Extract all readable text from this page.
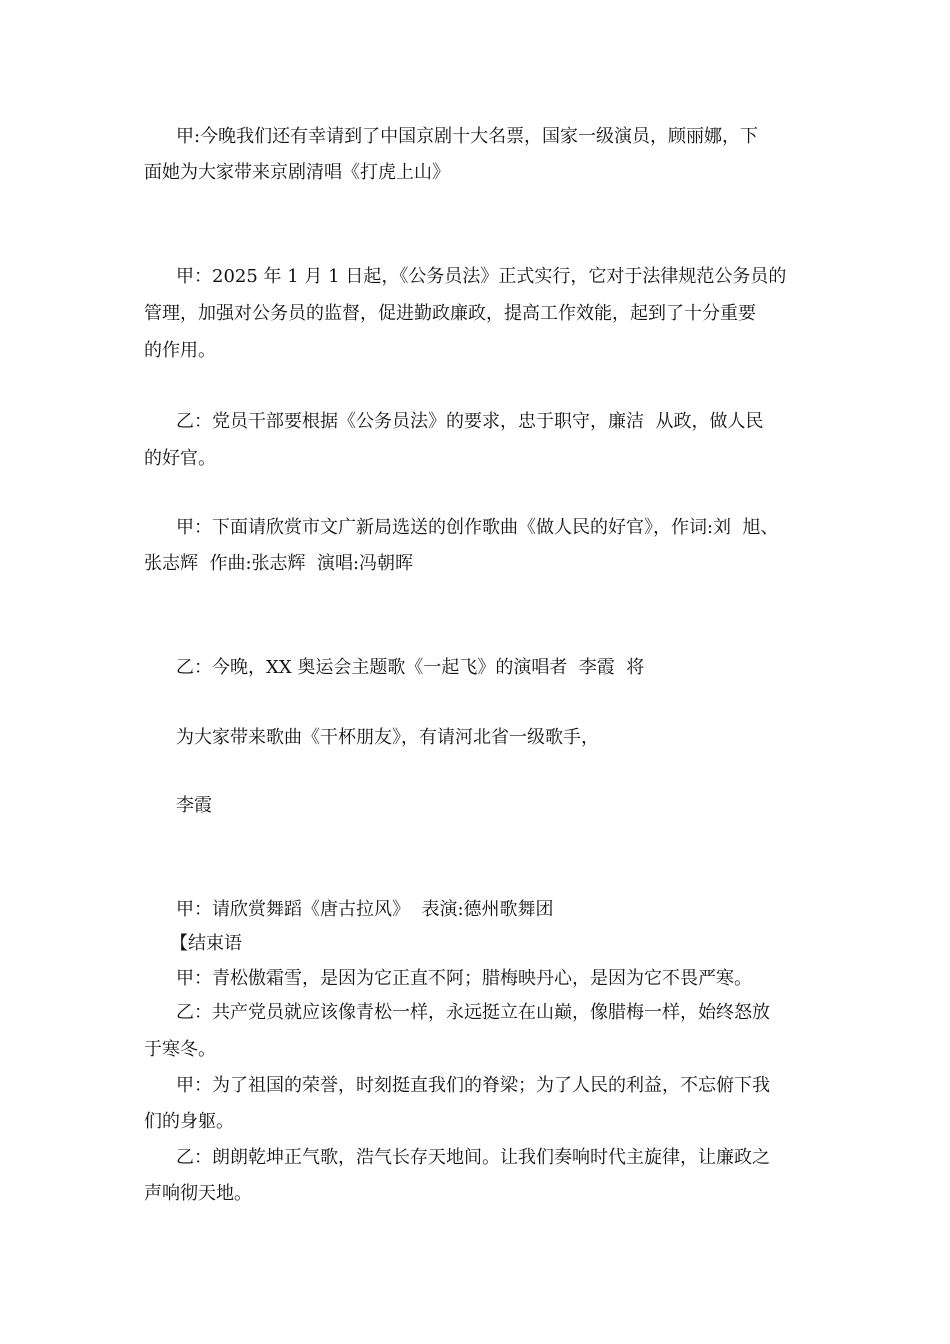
甲:今晚我们还有幸请到了中国京剧十大名票，国家一级演员，顾丽娜，下

面她为大家带来京剧清唱《打虎上山》

甲：2025 年 1 月 1 日起，《公务员法》正式实行，它对于法律规范公务员的

管理，加强对公务员的监督，促进勤政廉政，提高工作效能，起到了十分重要

的作用。

乙：党员干部要根据《公务员法》的要求，忠于职守，廉洁  从政，做人民

的好官。

甲：下面请欣赏市文广新局选送的创作歌曲《做人民的好官》，作词:刘  旭、

张志辉  作曲:张志辉  演唱:冯朝晖

乙：今晚，XX 奥运会主题歌《一起飞》的演唱者  李霞  将

为大家带来歌曲《干杯朋友》，有请河北省一级歌手，

李霞

甲：请欣赏舞蹈《唐古拉风》  表演:德州歌舞团

【结束语

甲：青松傲霜雪，是因为它正直不阿；腊梅映丹心，是因为它不畏严寒。

乙：共产党员就应该像青松一样，永远挺立在山巅，像腊梅一样，始终怒放

于寒冬。

甲：为了祖国的荣誉，时刻挺直我们的脊梁；为了人民的利益，不忘俯下我

们的身躯。

乙：朗朗乾坤正气歌，浩气长存天地间。让我们奏响时代主旋律，让廉政之

声响彻天地。
